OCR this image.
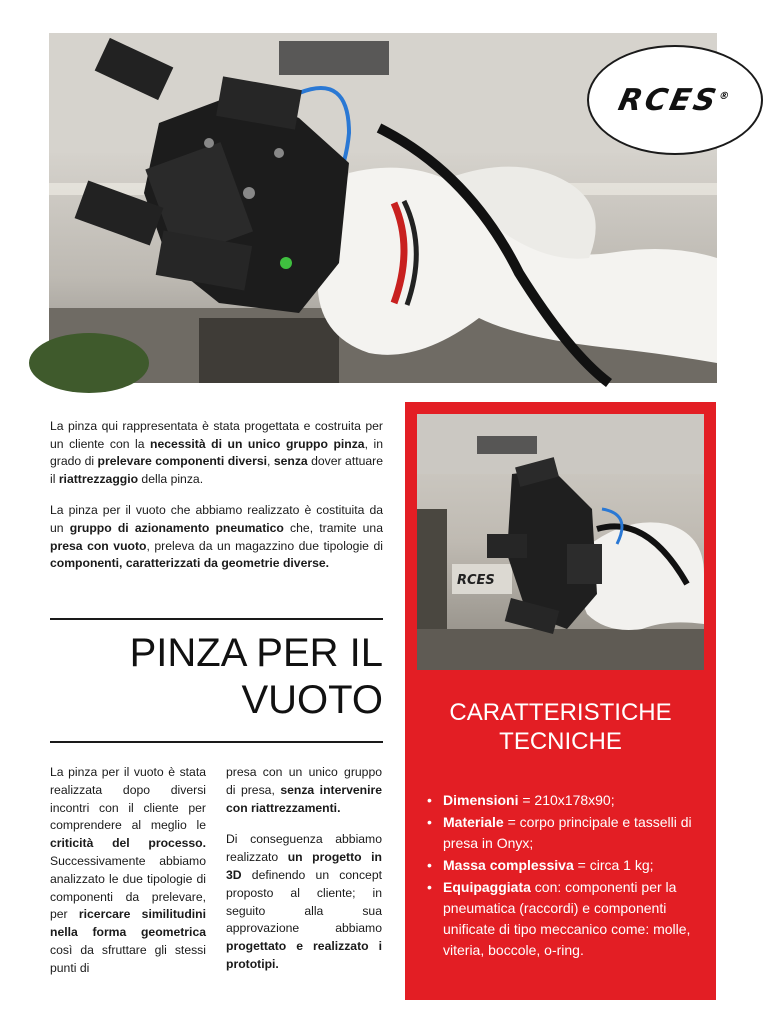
RCES®

La pinza qui rappresentata è stata progettata e costruita per un cliente con la necessità di un unico gruppo pinza, in grado di prelevare componenti diversi, senza dover attuare il riattrezzaggio della pinza.

La pinza per il vuoto che abbiamo realizzato è costituita da un gruppo di azionamento pneumatico che, tramite una presa con vuoto, preleva da un magazzino due tipologie di componenti, caratterizzati da geometrie diverse.

PINZA PER IL
VUOTO

La pinza per il vuoto è stata realizzata dopo diversi incontri con il cliente per comprendere al meglio le criticità del processo. Successivamente abbiamo analizzato le due tipologie di componenti da prelevare, per ricercare similitudini nella forma geometrica così da sfruttare gli stessi punti di

presa con un unico gruppo di presa, senza intervenire con riattrezzamenti.

Di conseguenza abbiamo realizzato un progetto in 3D definendo un concept proposto al cliente; in seguito alla sua approvazione abbiamo progettato e realizzato i prototipi.

RCES
CARATTERISTICHE
TECNICHE
• Dimensioni = 210x178x90;
• Materiale = corpo principale e tasselli di presa in Onyx;
• Massa complessiva = circa 1 kg;
• Equipaggiata con: componenti per la pneumatica (raccordi) e componenti unificate di tipo meccanico come: molle, viteria, boccole, o-ring.
